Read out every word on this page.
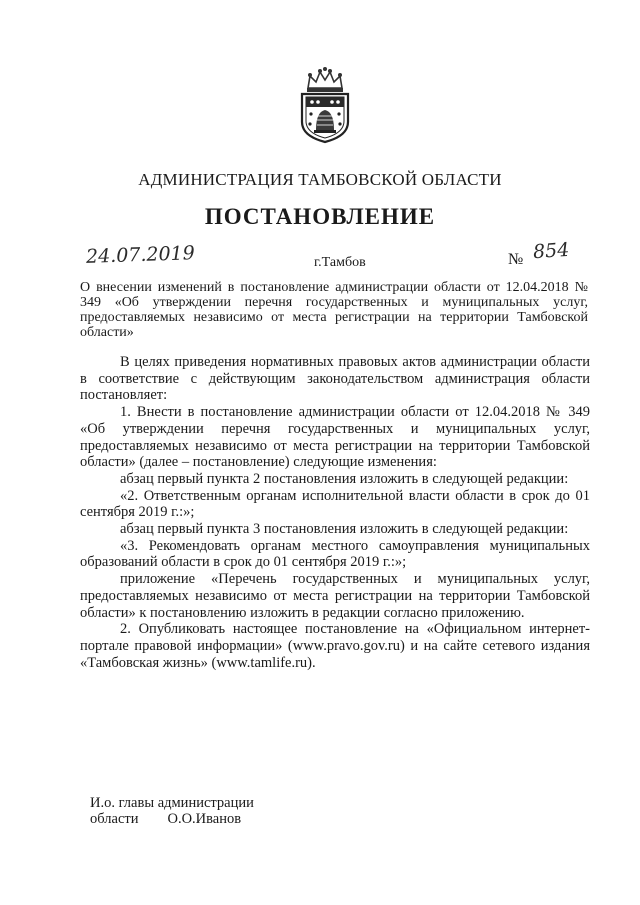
АДМИНИСТРАЦИЯ ТАМБОВСКОЙ ОБЛАСТИ
ПОСТАНОВЛЕНИЕ
24.07.2019	г.Тамбов	№ 854
О внесении изменений в постановление администрации области от 12.04.2018 № 349 «Об утверждении перечня государственных и муниципальных услуг, предоставляемых независимо от места регистрации на территории Тамбовской области»

В целях приведения нормативных правовых актов администрации области в соответствие с действующим законодательством администрация области постановляет:

1. Внести в постановление администрации области от 12.04.2018 № 349 «Об утверждении перечня государственных и муниципальных услуг, предоставляемых независимо от места регистрации на территории Тамбовской области» (далее – постановление) следующие изменения:

абзац первый пункта 2 постановления изложить в следующей редакции:

«2. Ответственным органам исполнительной власти области в срок до 01 сентября 2019 г.:»;

абзац первый пункта 3 постановления изложить в следующей редакции:

«3. Рекомендовать органам местного самоуправления муниципальных образований области в срок до 01 сентября 2019 г.:»;

приложение «Перечень государственных и муниципальных услуг, предоставляемых независимо от места регистрации на территории Тамбовской области» к постановлению изложить в редакции согласно приложению.

2. Опубликовать настоящее постановление на «Официальном интернет-портале правовой информации» (www.pravo.gov.ru) и на сайте сетевого издания «Тамбовская жизнь» (www.tamlife.ru).

И.о. главы администрации
области О.О.Иванов
